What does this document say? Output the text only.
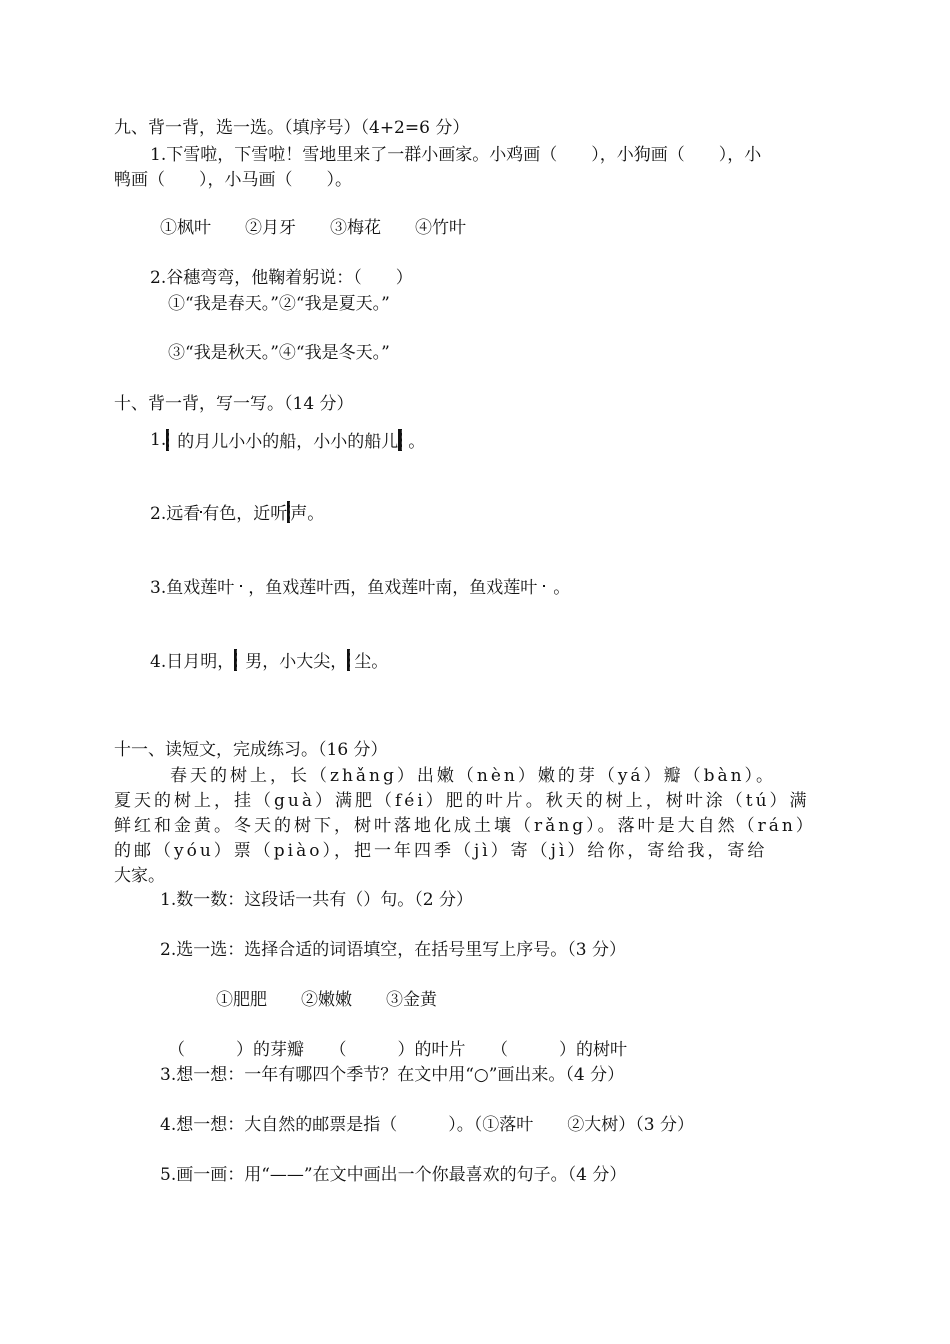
九、背一背，选一选。（填序号）（4+2=6 分）
1.下雪啦，下雪啦！雪地里来了一群小画家。小鸡画（　　），小狗画（　　），小
鸭画（　　），小马画（　　）。
①枫叶　　②月牙　　③梅花　　④竹叶
2.谷穗弯弯，他鞠着躬说：（　　）
①“我是春天。”②“我是夏天。”
③“我是秋天。”④“我是冬天。”
十、背一背，写一写。（14 分）
1. 的月儿小小的船，小小的船儿 。
2.远看 有色，近听 声。
3.鱼戏莲叶 ，鱼戏莲叶西，鱼戏莲叶南，鱼戏莲叶 。
4.日月明， 男，小大尖， 尘。
十一、读短文，完成练习。（16 分）
春天的树上，长（zhǎng）出嫩（nèn）嫩的芽（yá）瓣（bàn）。
夏天的树上，挂（guà）满肥（féi）肥的叶片。秋天的树上，树叶涂（tú）满
鲜红和金黄。冬天的树下，树叶落地化成土壤（rǎng）。落叶是大自然（rán）
的邮（yóu）票（piào），把一年四季（jì）寄（jì）给你，寄给我，寄给
大家。
1.数一数：这段话一共有（）句。（2 分）
2.选一选：选择合适的词语填空，在括号里写上序号。（3 分）
①肥肥　　②嫩嫩　　③金黄
（　　　）的芽瓣　　（　　　）的叶片　　（　　　）的树叶
3.想一想：一年有哪四个季节？在文中用“○”画出来。（4 分）
4.想一想：大自然的邮票是指（　　　）。（①落叶　　②大树）（3 分）
5.画一画：用“——”在文中画出一个你最喜欢的句子。（4 分）
